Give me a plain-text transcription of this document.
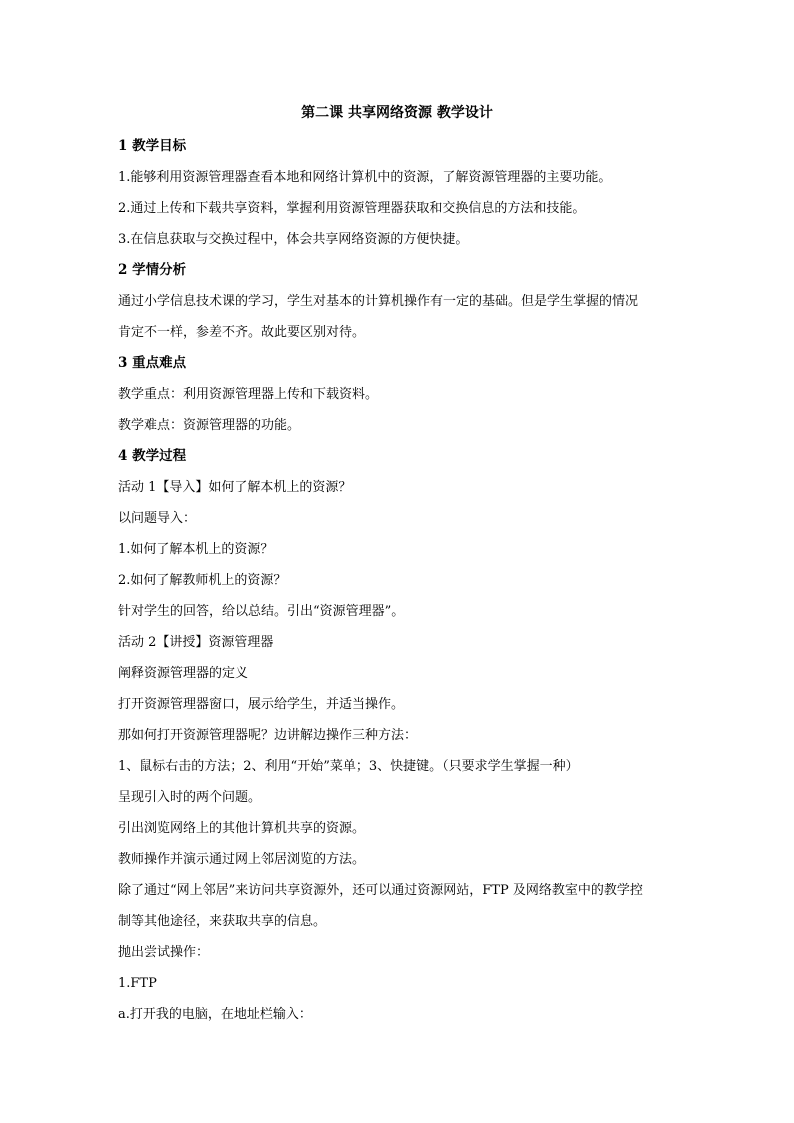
第二课 共享网络资源 教学设计
1 教学目标
1.能够利用资源管理器查看本地和网络计算机中的资源，了解资源管理器的主要功能。
2.通过上传和下载共享资料，掌握利用资源管理器获取和交换信息的方法和技能。
3.在信息获取与交换过程中，体会共享网络资源的方便快捷。
2 学情分析
通过小学信息技术课的学习，学生对基本的计算机操作有一定的基础。但是学生掌握的情况
肯定不一样，参差不齐。故此要区别对待。
3 重点难点
教学重点：利用资源管理器上传和下载资料。
教学难点：资源管理器的功能。
4 教学过程
活动 1【导入】如何了解本机上的资源？
以问题导入：
1.如何了解本机上的资源？
2.如何了解教师机上的资源？
针对学生的回答，给以总结。引出“资源管理器”。
活动 2【讲授】资源管理器
阐释资源管理器的定义
打开资源管理器窗口，展示给学生，并适当操作。
那如何打开资源管理器呢？边讲解边操作三种方法：
1、鼠标右击的方法；2、利用“开始”菜单；3、快捷键。（只要求学生掌握一种）
呈现引入时的两个问题。
引出浏览网络上的其他计算机共享的资源。
教师操作并演示通过网上邻居浏览的方法。
除了通过“网上邻居”来访问共享资源外，还可以通过资源网站，FTP 及网络教室中的教学控
制等其他途径，来获取共享的信息。
抛出尝试操作：
1.FTP
a.打开我的电脑，在地址栏输入：
